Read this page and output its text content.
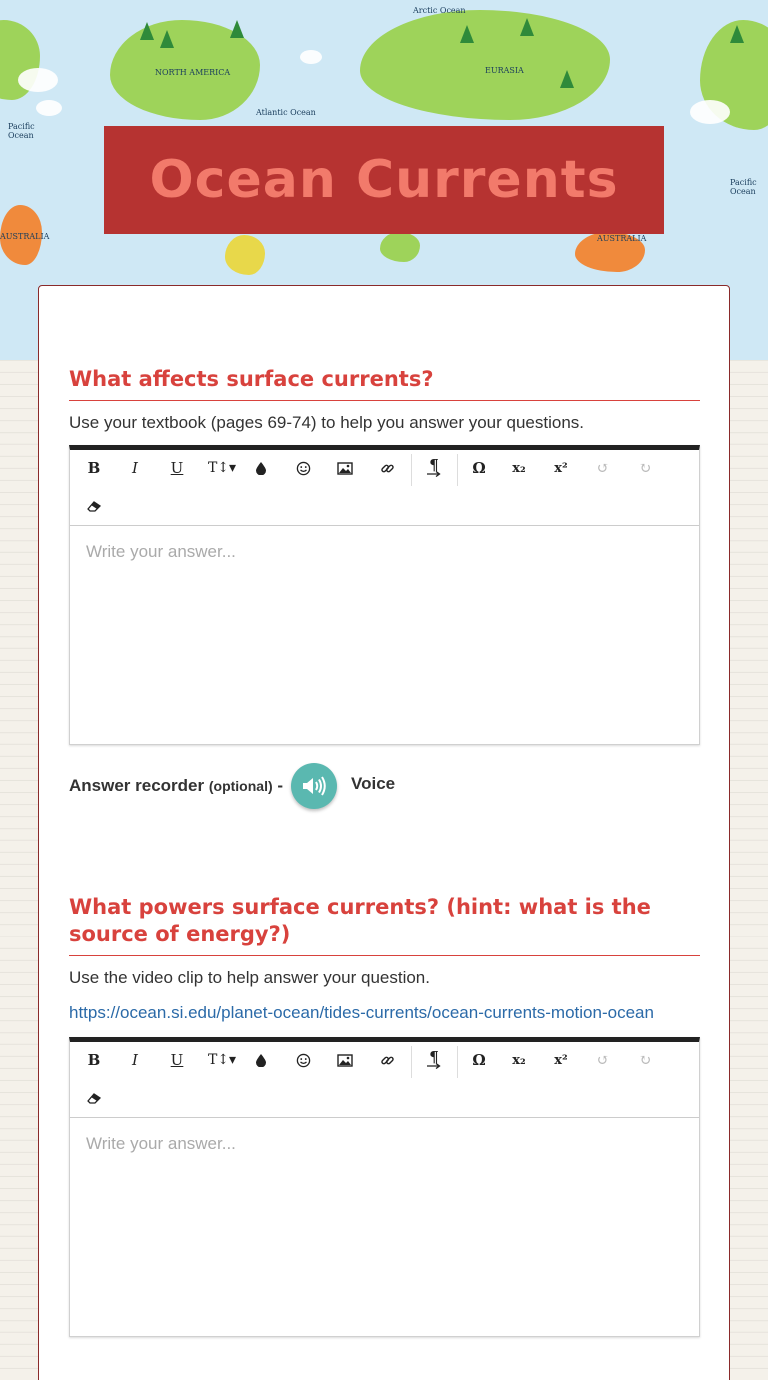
Arctic Ocean
NORTH AMERICA	EURASIA
Atlantic Ocean
Pacific Ocean
AUSTRALIA
Pacific Ocean
AUSTRALIA
Ocean Currents
What affects surface currents?
Use your textbook (pages 69-74) to help you answer your questions.
B	I	U	T↕▾	¶	Ω	x₂	x²	↺	↻
Write your answer...
Answer recorder (optional) -	Voice
What powers surface currents? (hint: what is the source of energy?)
Use the video clip to help answer your question.
https://ocean.si.edu/planet-ocean/tides-currents/ocean-currents-motion-ocean
B	I	U	T↕▾	¶	Ω	x₂	x²	↺	↻
Write your answer...
